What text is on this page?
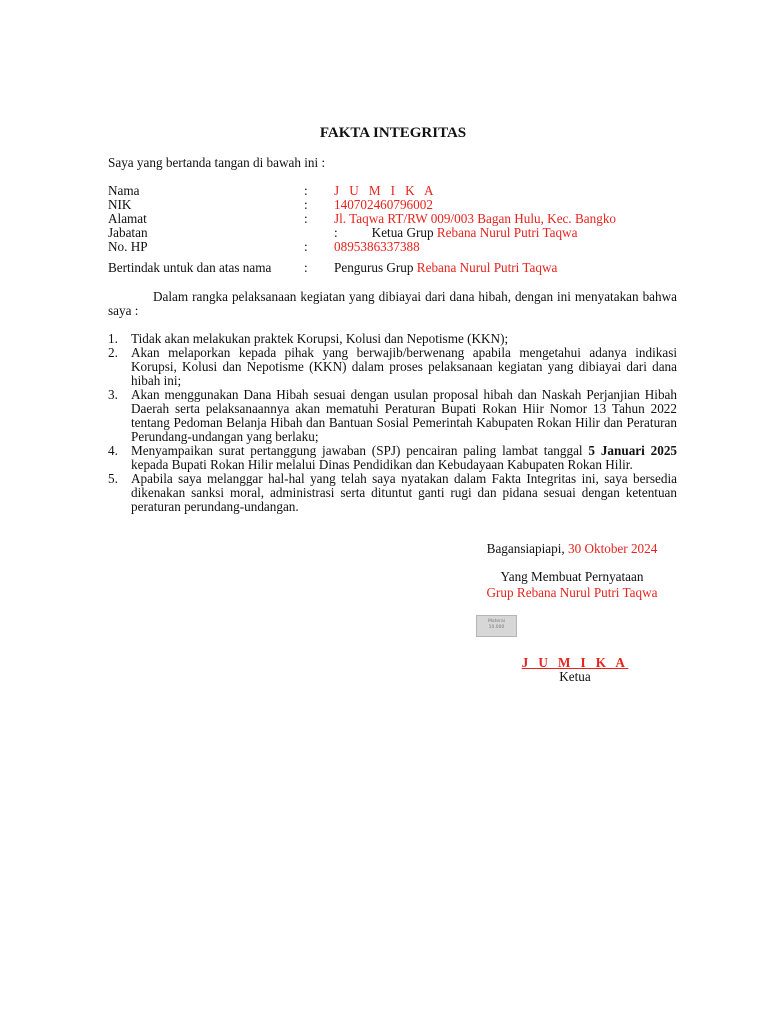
FAKTA INTEGRITAS
Saya yang bertanda tangan di bawah ini :
Nama	: J U M I K A
NIK	: 140702460796002
Alamat	: Jl. Taqwa RT/RW 009/003 Bagan Hulu, Kec. Bangko
Jabatan	:	Ketua Grup Rebana Nurul Putri Taqwa
No. HP	: 0895386337388
Bertindak untuk dan atas nama : Pengurus Grup Rebana Nurul Putri Taqwa
Dalam rangka pelaksanaan kegiatan yang dibiayai dari dana hibah, dengan ini menyatakan bahwa saya :
1. Tidak akan melakukan praktek Korupsi, Kolusi dan Nepotisme (KKN);
2. Akan melaporkan kepada pihak yang berwajib/berwenang apabila mengetahui adanya indikasi Korupsi, Kolusi dan Nepotisme (KKN) dalam proses pelaksanaan kegiatan yang dibiayai dari dana hibah ini;
3. Akan menggunakan Dana Hibah sesuai dengan usulan proposal hibah dan Naskah Perjanjian Hibah Daerah serta pelaksanaannya akan mematuhi Peraturan Bupati Rokan Hiir Nomor 13 Tahun 2022 tentang Pedoman Belanja Hibah dan Bantuan Sosial Pemerintah Kabupaten Rokan Hilir dan Peraturan Perundang-undangan yang berlaku;
4. Menyampaikan surat pertanggung jawaban (SPJ) pencairan paling lambat tanggal 5 Januari 2025 kepada Bupati Rokan Hilir melalui Dinas Pendidikan dan Kebudayaan Kabupaten Rokan Hilir.
5. Apabila saya melanggar hal-hal yang telah saya nyatakan dalam Fakta Integritas ini, saya bersedia dikenakan sanksi moral, administrasi serta dituntut ganti rugi dan pidana sesuai dengan ketentuan peraturan perundang-undangan.
Bagansiapiapi, 30 Oktober 2024
Yang Membuat Pernyataan
Grup Rebana Nurul Putri Taqwa
Materai
10.000
J U M I K A
Ketua
